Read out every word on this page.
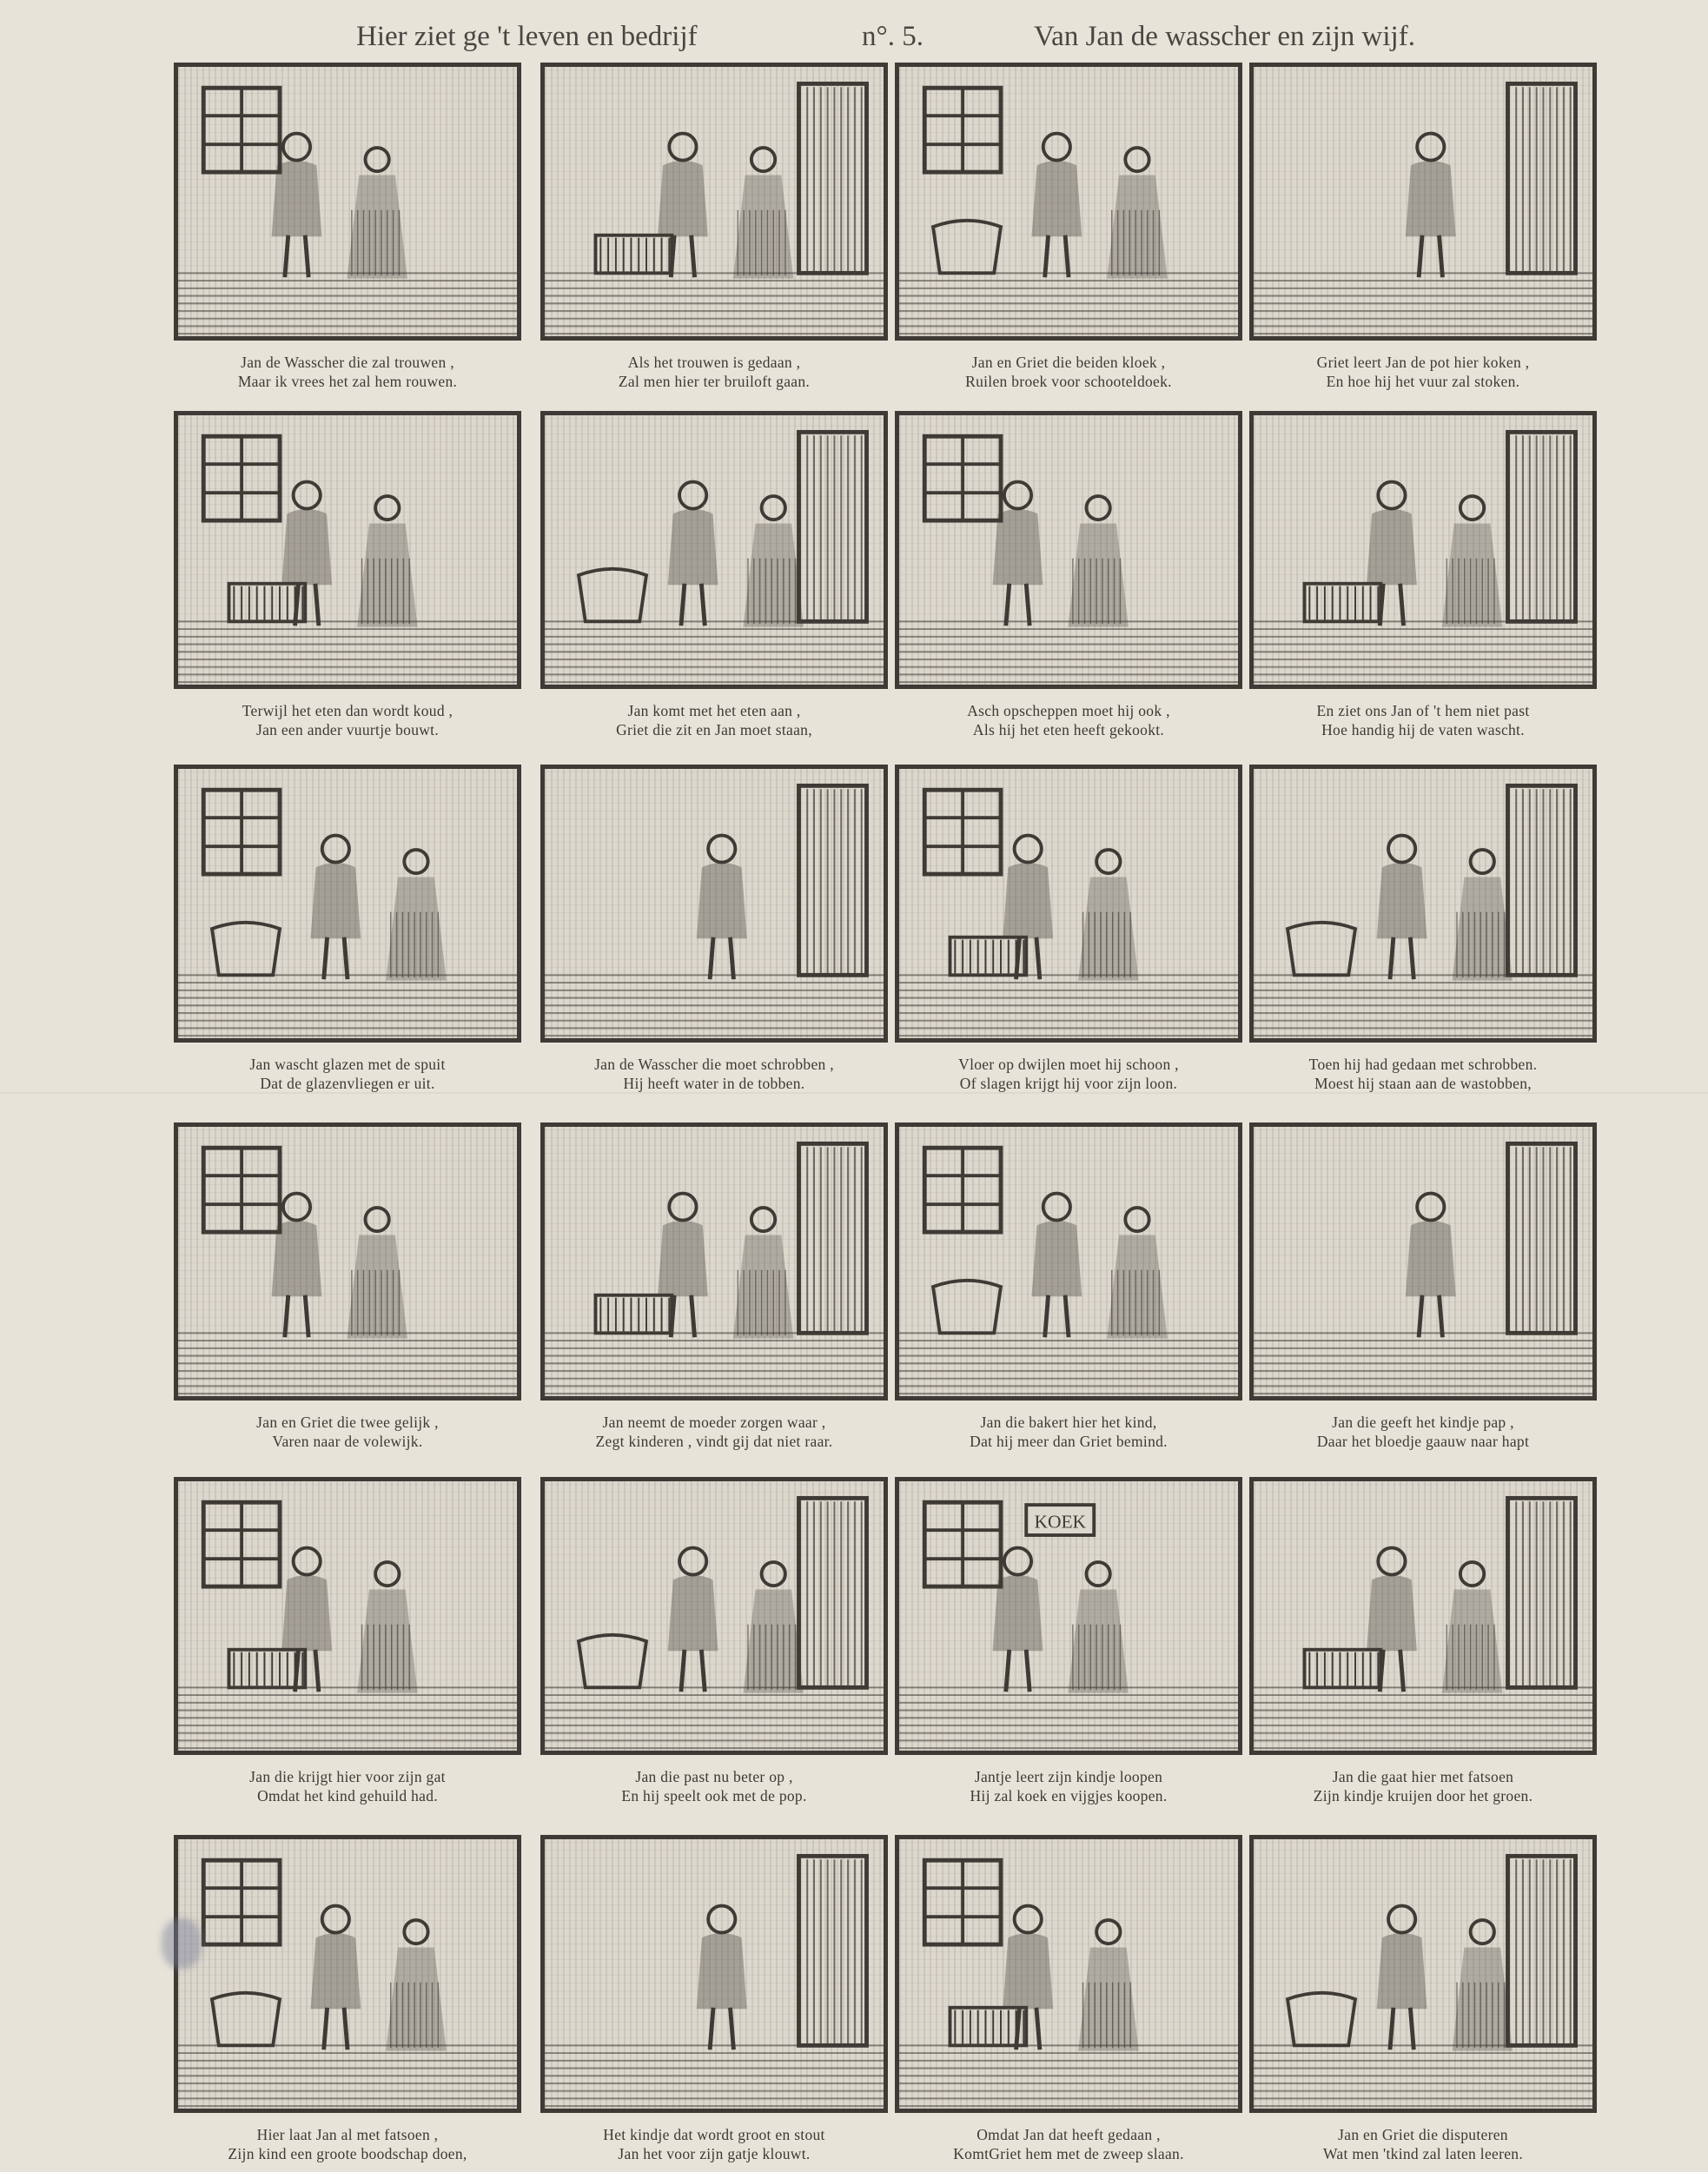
Hier ziet ge 't leven en bedrijf	n°. 5.	Van Jan de wasscher en zijn wijf.
Jan de Wasscher die zal trouwen ,
Maar ik vrees het zal hem rouwen.
Als het trouwen is gedaan ,
Zal men hier ter bruiloft gaan.
Jan en Griet die beiden kloek ,
Ruilen broek voor schooteldoek.
Griet leert Jan de pot hier koken ,
En hoe hij het vuur zal stoken.
Terwijl het eten dan wordt koud ,
Jan een ander vuurtje bouwt.
Jan komt met het eten aan ,
Griet die zit en Jan moet staan,
Asch opscheppen moet hij ook ,
Als hij het eten heeft gekookt.
En ziet ons Jan of 't hem niet past
Hoe handig hij de vaten wascht.
Jan wascht glazen met de spuit
Dat de glazenvliegen er uit.
Jan de Wasscher die moet schrobben ,
Hij heeft water in de tobben.
Vloer op dwijlen moet hij schoon ,
Of slagen krijgt hij voor zijn loon.
Toen hij had gedaan met schrobben.
Moest hij staan aan de wastobben,
Jan en Griet die twee gelijk ,
Varen naar de volewijk.
Jan neemt de moeder zorgen waar ,
Zegt kinderen , vindt gij dat niet raar.
Jan die bakert hier het kind,
Dat hij meer dan Griet bemind.
Jan die geeft het kindje pap ,
Daar het bloedje gaauw naar hapt
Jan die krijgt hier voor zijn gat
Omdat het kind gehuild had.
Jan die past nu beter op ,
En hij speelt ook met de pop.
KOEK
Jantje leert zijn kindje loopen
Hij zal koek en vijgjes koopen.
Jan die gaat hier met fatsoen
Zijn kindje kruijen door het groen.
Hier laat Jan al met fatsoen ,
Zijn kind een groote boodschap doen,
Het kindje dat wordt groot en stout
Jan het voor zijn gatje klouwt.
Omdat Jan dat heeft gedaan ,
KomtGriet hem met de zweep slaan.
Jan en Griet die disputeren
Wat men 'tkind zal laten leeren.
